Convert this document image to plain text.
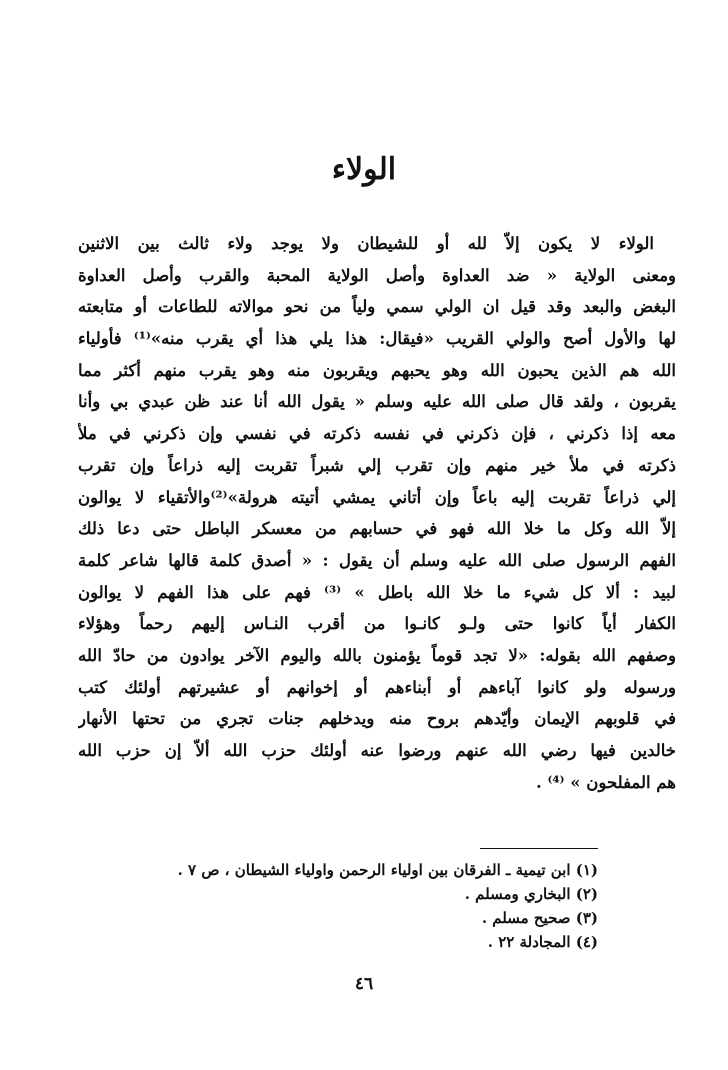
الولاء
الولاء لا يكون إلاّ لله أو للشيطان ولا يوجد ولاء ثالث بين الاثنين
ومعنى الولاية « ضد العداوة وأصل الولاية المحبة والقرب وأصل العداوة
البغض والبعد وقد قيل ان الولي سمي ولياً من نحو موالاته للطاعات أو متابعته
لها والأول أصح والولي القريب «فيقال: هذا يلي هذا أي يقرب منه»⁽¹⁾ فأولياء
الله هم الذين يحبون الله وهو يحبهم ويقربون منه وهو يقرب منهم أكثر مما
يقربون ، ولقد قال صلى الله عليه وسلم « يقول الله أنا عند ظن عبدي بي وأنا
معه إذا ذكرني ، فإن ذكرني في نفسه ذكرته في نفسي وإن ذكرني في ملأ
ذكرته في ملأ خير منهم وإن تقرب إلي شبراً تقربت إليه ذراعاً وإن تقرب
إلي ذراعاً تقربت إليه باعاً وإن أتاني يمشي أتيته هرولة»⁽²⁾والأتقياء لا يوالون
إلاّ الله وكل ما خلا الله فهو في حسابهم من معسكر الباطل حتى دعا ذلك
الفهم الرسول صلى الله عليه وسلم أن يقول : « أصدق كلمة قالها شاعر كلمة
لبيد : ألا كل شيء ما خلا الله باطل » ⁽³⁾ فهم على هذا الفهم لا يوالون
الكفار أياً كانوا حتى ولـو كانـوا من أقرب النـاس إليهم رحماً وهؤلاء
وصفهم الله بقوله: «لا تجد قوماً يؤمنون بالله واليوم الآخر يوادون من حادّ الله
ورسوله ولو كانوا آباءهم أو أبناءهم أو إخوانهم أو عشيرتهم أولئك كتب
في قلوبهم الإيمان وأيّدهم بروح منه ويدخلهم جنات تجري من تحتها الأنهار
خالدين فيها رضي الله عنهم ورضوا عنه أولئك حزب الله ألاّ إن حزب الله
هم المفلحون » ⁽⁴⁾ .
(١) ابن تيمية ـ الفرقان بين اولياء الرحمن واولياء الشيطان ، ص ٧ .
(٢) البخاري ومسلم .
(٣) صحيح مسلم .
(٤) المجادلة ٢٢ .
٤٦
